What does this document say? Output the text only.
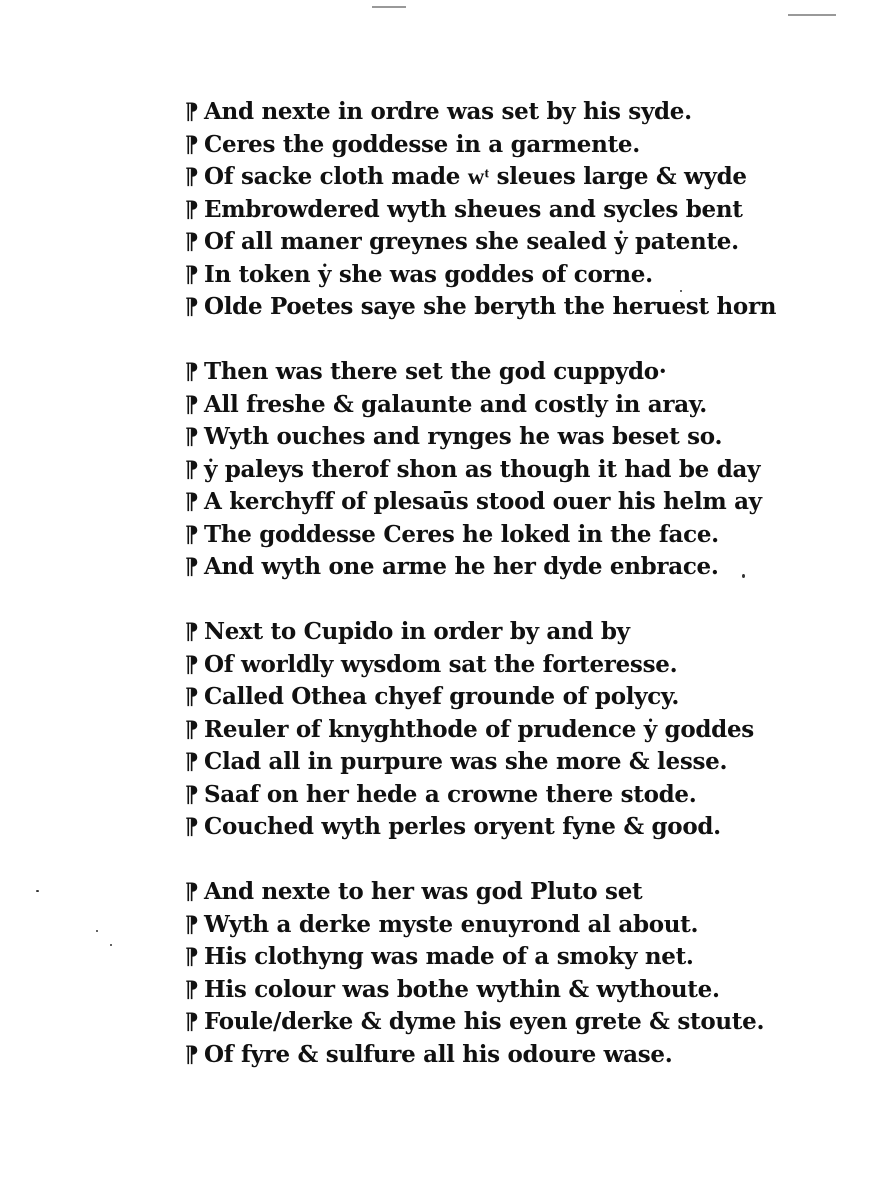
¶ And nexte in ordre was set by his syde.
¶ Ceres the goddesse in a garmente.
¶ Of sacke cloth made wͭ sleues large & wyde
¶ Embrowdered wyth sheues and sycles bent
¶ Of all maner greynes she sealed ẏ patente.
¶ In token ẏ she was goddes of corne.
¶ Olde Poetes saye she beryth the heruest horn
¶ Then was there set the god cuppydo·
¶ All freshe & galaunte and costly in aray.
¶ Wyth ouches and rynges he was beset so.
¶ ẏ paleys therof shon as though it had be day
¶ A kerchyff of plesaūs stood ouer his helm ay
¶ The goddesse Ceres he loked in the face.
¶ And wyth one arme he her dyde enbrace.
¶ Next to Cupido in order by and by
¶ Of worldly wysdom sat the forteresse.
¶ Called Othea chyef grounde of polycy.
¶ Reuler of knyghthode of prudence ẏ goddes
¶ Clad all in purpure was she more & lesse.
¶ Saaf on her hede a crowne there stode.
¶ Couched wyth perles oryent fyne & good.
¶ And nexte to her was god Pluto set
¶ Wyth a derke myste enuyrond al about.
¶ His clothyng was made of a smoky net.
¶ His colour was bothe wythin & wythoute.
¶ Foule/derke & dyme his eyen grete & stoute.
¶ Of fyre & sulfure all his odoure wase.
